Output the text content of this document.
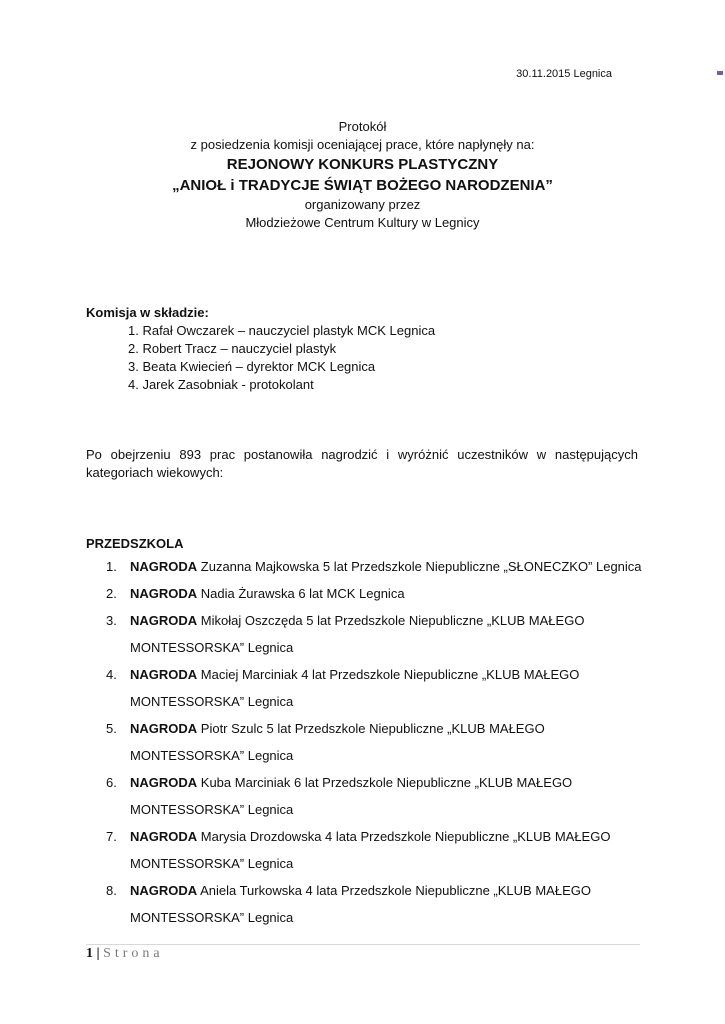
30.11.2015 Legnica
Protokół
z posiedzenia komisji oceniającej prace, które napłynęły na:
REJONOWY KONKURS PLASTYCZNY
„ANIOŁ i TRADYCJE ŚWIĄT BOŻEGO NARODZENIA”
organizowany przez
Młodzieżowe Centrum Kultury w Legnicy
Komisja w składzie:
1. Rafał Owczarek – nauczyciel plastyk MCK Legnica
2. Robert Tracz – nauczyciel plastyk
3. Beata Kwiecień – dyrektor MCK Legnica
4. Jarek Zasobniak - protokolant
Po obejrzeniu 893 prac postanowiła nagrodzić i wyróżnić uczestników w następujących kategoriach wiekowych:
PRZEDSZKOLA
1. NAGRODA Zuzanna Majkowska 5 lat Przedszkole Niepubliczne „SŁONECZKO” Legnica
2. NAGRODA Nadia Żurawska 6 lat MCK Legnica
3. NAGRODA Mikołaj Oszczęda 5 lat Przedszkole Niepubliczne „KLUB MAŁEGO MONTESSORSKA” Legnica
4. NAGRODA Maciej Marciniak 4 lat Przedszkole Niepubliczne „KLUB MAŁEGO MONTESSORSKA” Legnica
5. NAGRODA Piotr Szulc 5 lat Przedszkole Niepubliczne „KLUB MAŁEGO MONTESSORSKA” Legnica
6. NAGRODA Kuba Marciniak 6 lat Przedszkole Niepubliczne „KLUB MAŁEGO MONTESSORSKA” Legnica
7. NAGRODA Marysia Drozdowska 4 lata Przedszkole Niepubliczne „KLUB MAŁEGO MONTESSORSKA” Legnica
8. NAGRODA Aniela Turkowska 4 lata Przedszkole Niepubliczne „KLUB MAŁEGO MONTESSORSKA” Legnica
1 | Strona
